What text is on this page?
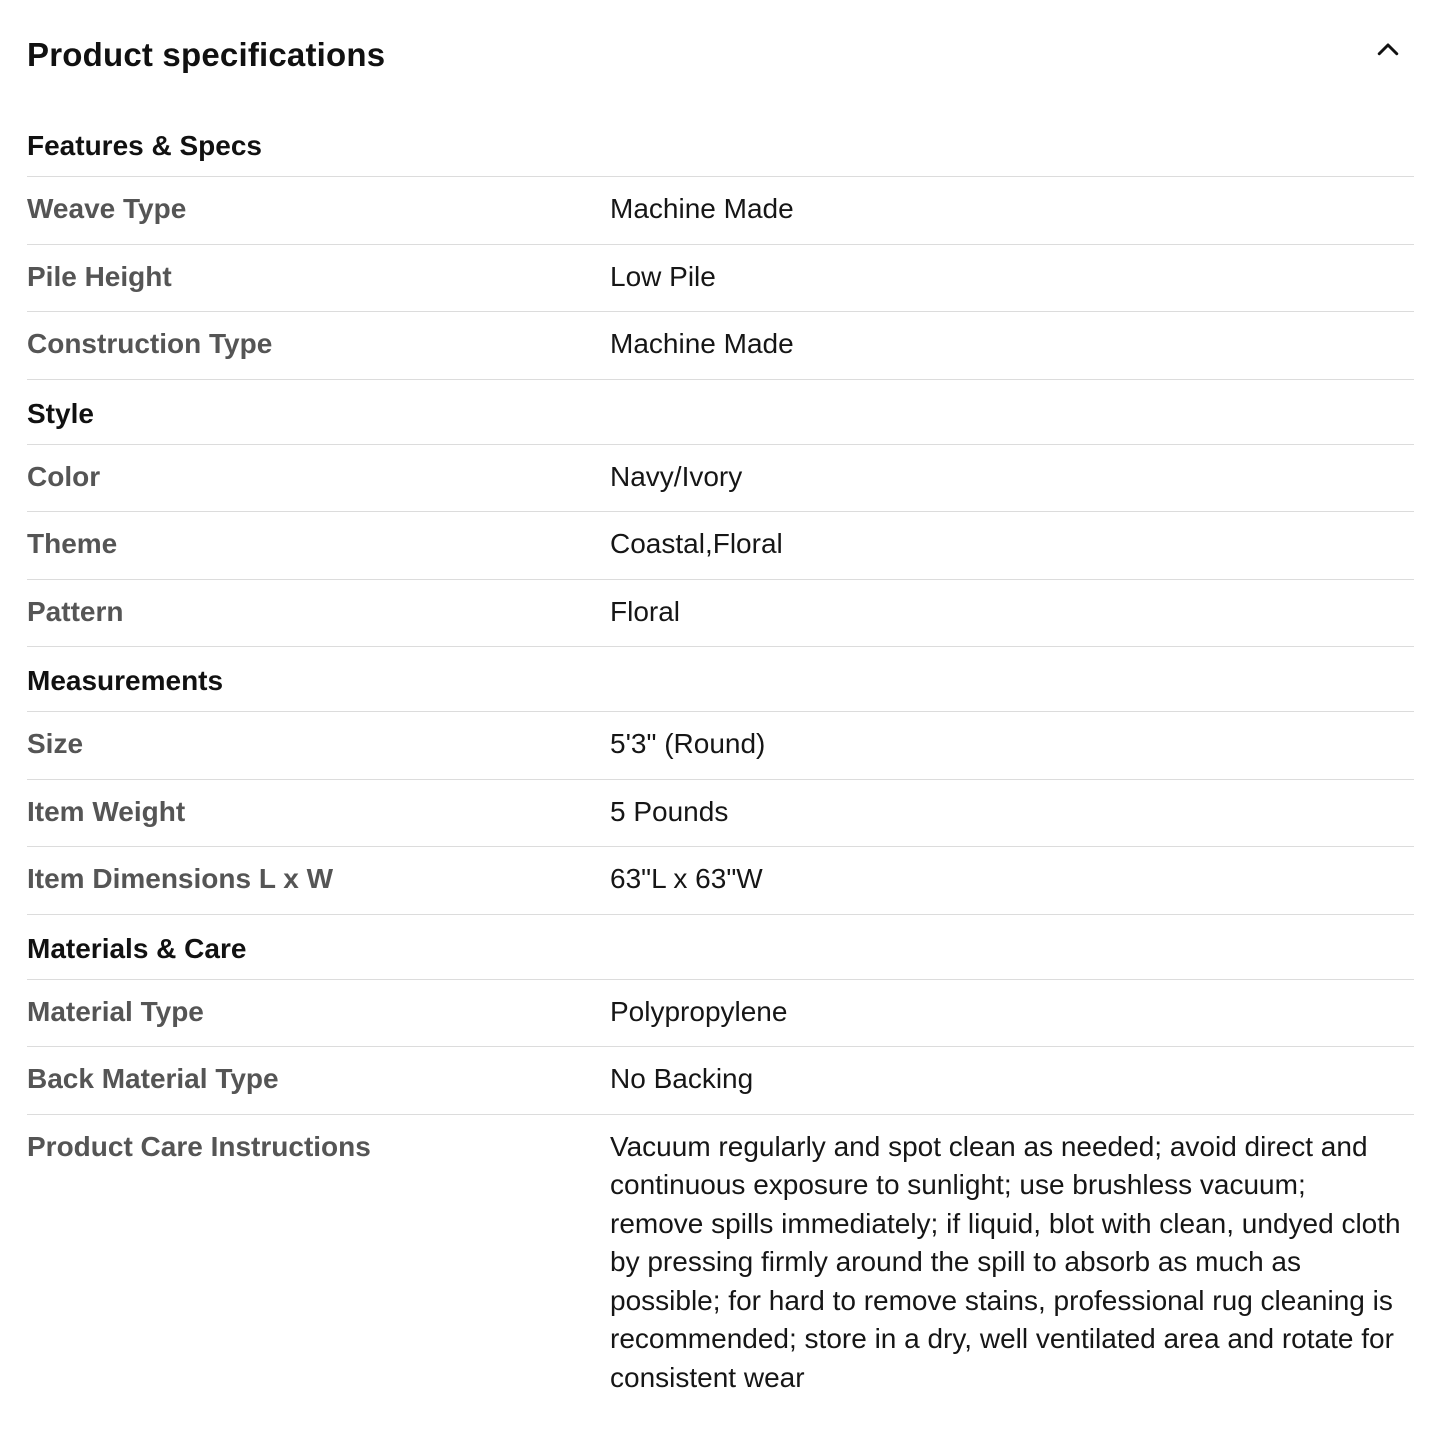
Product specifications
Features & Specs
Weave Type	Machine Made
Pile Height	Low Pile
Construction Type	Machine Made
Style
Color	Navy/Ivory
Theme	Coastal,Floral
Pattern	Floral
Measurements
Size	5'3" (Round)
Item Weight	5 Pounds
Item Dimensions L x W	63"L x 63"W
Materials & Care
Material Type	Polypropylene
Back Material Type	No Backing
Product Care Instructions	Vacuum regularly and spot clean as needed; avoid direct and continuous exposure to sunlight; use brushless vacuum; remove spills immediately; if liquid, blot with clean, undyed cloth by pressing firmly around the spill to absorb as much as possible; for hard to remove stains, professional rug cleaning is recommended; store in a dry, well ventilated area and rotate for consistent wear
